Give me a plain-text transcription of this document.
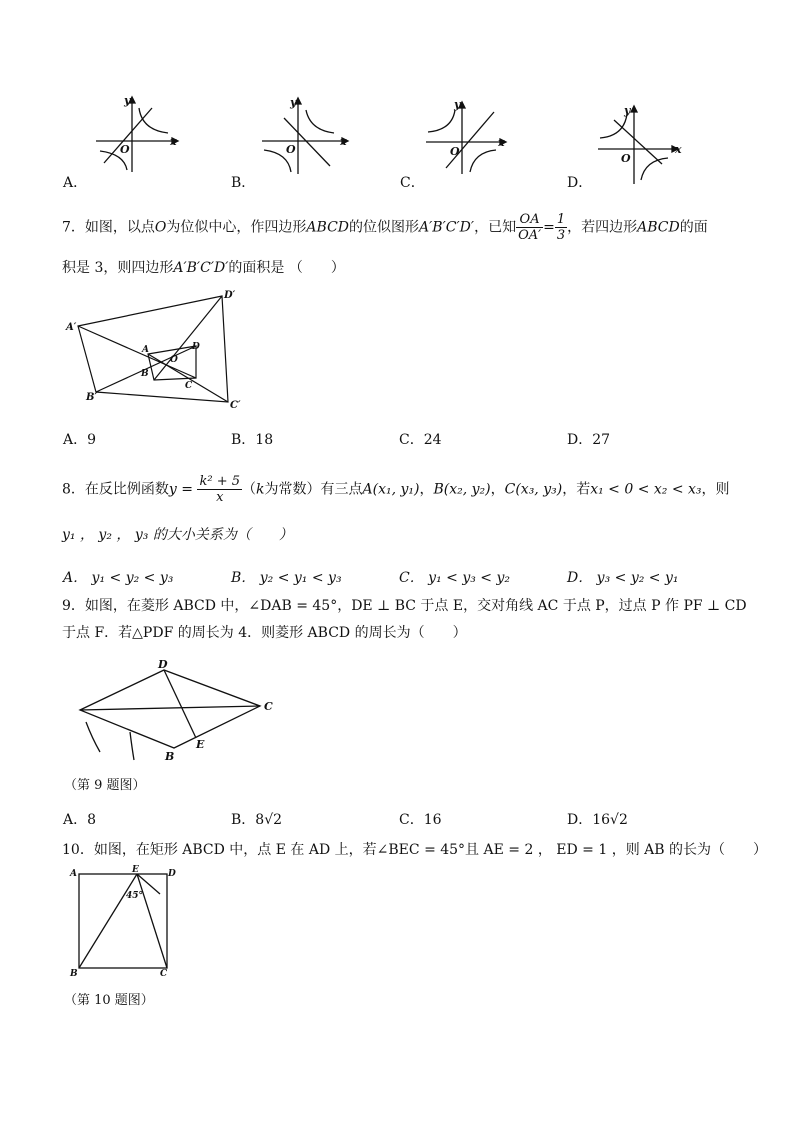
y
x
O
A．
y
x
O
B．
y
x
O
C．
y
x
O
D．
7．如图，以点O为位似中心，作四边形ABCD的位似图形A′B′C′D′，已知 $\frac{OA}{OA'} = \frac{1}{3}$ ，若四边形ABCD的面
积是 3，则四边形A′B′C′D′的面积是 （　　）
A′
D′
B′
C′
A	D
B
C
O
A．9	B．18	C．24	D．27
8．在反比例函数$y = \frac{\text{k² + 5}}{x} (k$为常数）有三点A(x₁, y₁)，B(x₂, y₂)，C(x₃, y₃)，若x₁ < 0 < x₂ < x₃，则
y₁ ， y₂ ， y₃ 的大小关系为（　　）
A． y₁ < y₂ < y₃	B． y₂ < y₁ < y₃	C． y₁ < y₃ < y₂	D． y₃ < y₂ < y₁
9．如图，在菱形 ABCD 中，∠DAB = 45°，DE ⊥ BC 于点 E，交对角线 AC 于点 P，过点 P 作 PF ⊥ CD
于点 F．若△PDF 的周长为 4．则菱形 ABCD 的周长为（　　）
D
C
B
E
（第 9 题图）
A．8	B．8√2	C．16	D．16√2
10．如图，在矩形 ABCD 中，点 E 在 AD 上，若∠BEC = 45°且 AE = 2 ， ED = 1 ，则 AB 的长为（　　）
A	E	D
B	C
45°
（第 10 题图）
